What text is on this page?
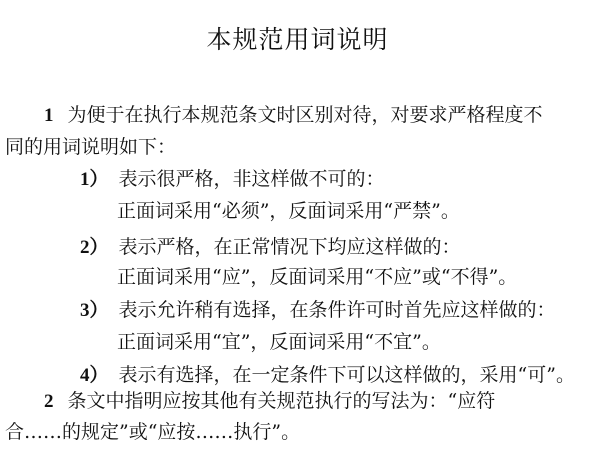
本规范用词说明
1 为便于在执行本规范条文时区别对待，对要求严格程度不
同的用词说明如下：
1） 表示很严格，非这样做不可的：
正面词采用“必须”，反面词采用“严禁”。
2） 表示严格，在正常情况下均应这样做的：
正面词采用“应”，反面词采用“不应”或“不得”。
3） 表示允许稍有选择，在条件许可时首先应这样做的：
正面词采用“宜”，反面词采用“不宜”。
4） 表示有选择，在一定条件下可以这样做的，采用“可”。
2 条文中指明应按其他有关规范执行的写法为：“应符
合……的规定”或“应按……执行”。
